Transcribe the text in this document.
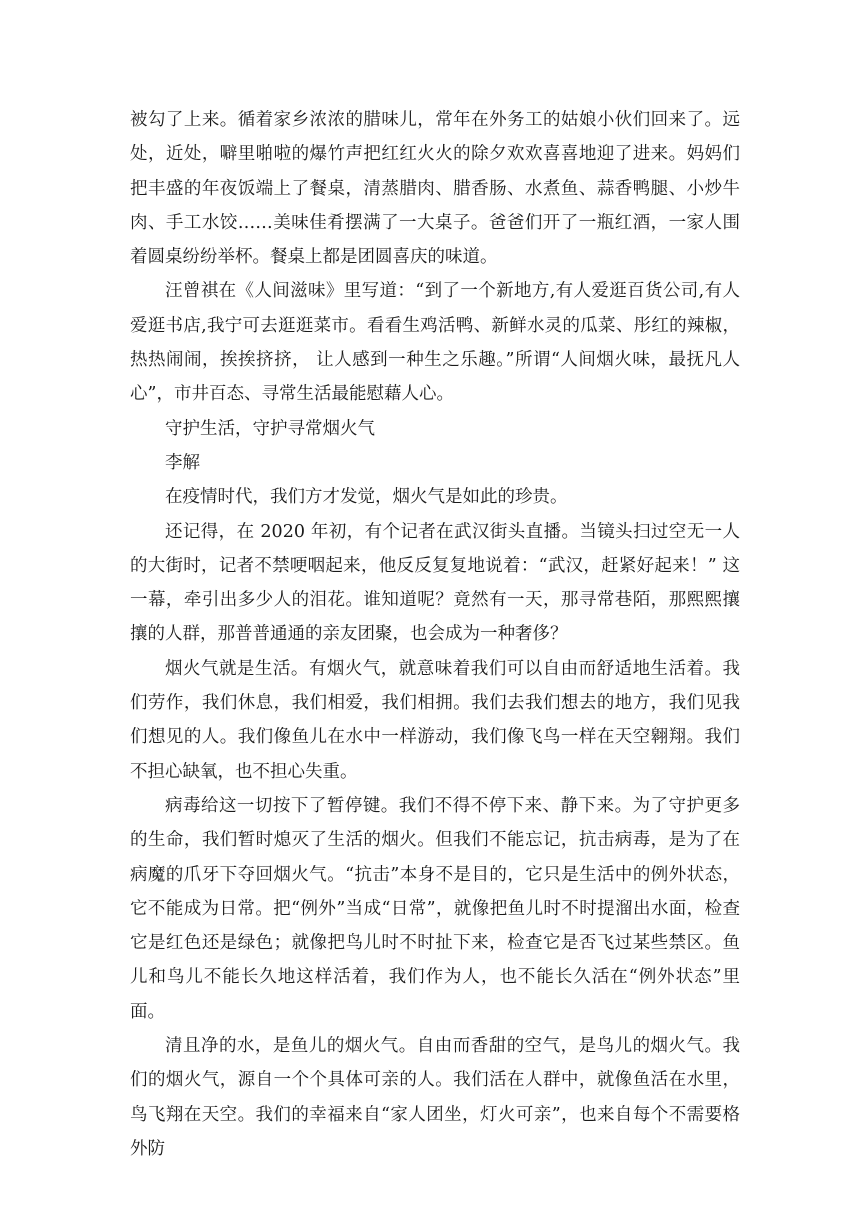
被勾了上来。循着家乡浓浓的腊味儿，常年在外务工的姑娘小伙们回来了。远处，近处，噼里啪啦的爆竹声把红红火火的除夕欢欢喜喜地迎了进来。妈妈们把丰盛的年夜饭端上了餐桌，清蒸腊肉、腊香肠、水煮鱼、蒜香鸭腿、小炒牛肉、手工水饺……美味佳肴摆满了一大桌子。爸爸们开了一瓶红酒，一家人围着圆桌纷纷举杯。餐桌上都是团圆喜庆的味道。

汪曾祺在《人间滋味》里写道：“到了一个新地方,有人爱逛百货公司,有人爱逛书店,我宁可去逛逛菜市。看看生鸡活鸭、新鲜水灵的瓜菜、彤红的辣椒，热热闹闹，挨挨挤挤， 让人感到一种生之乐趣。”所谓“人间烟火味，最抚凡人心”，市井百态、寻常生活最能慰藉人心。

守护生活，守护寻常烟火气

李解

在疫情时代，我们方才发觉，烟火气是如此的珍贵。

还记得，在 2020 年初，有个记者在武汉街头直播。当镜头扫过空无一人的大街时，记者不禁哽咽起来，他反反复复地说着：“武汉，赶紧好起来！” 这一幕，牵引出多少人的泪花。谁知道呢？竟然有一天，那寻常巷陌，那熙熙攘攘的人群，那普普通通的亲友团聚，也会成为一种奢侈？

烟火气就是生活。有烟火气，就意味着我们可以自由而舒适地生活着。我们劳作，我们休息，我们相爱，我们相拥。我们去我们想去的地方，我们见我们想见的人。我们像鱼儿在水中一样游动，我们像飞鸟一样在天空翱翔。我们不担心缺氧，也不担心失重。

病毒给这一切按下了暂停键。我们不得不停下来、静下来。为了守护更多的生命，我们暂时熄灭了生活的烟火。但我们不能忘记，抗击病毒，是为了在病魔的爪牙下夺回烟火气。“抗击”本身不是目的，它只是生活中的例外状态，它不能成为日常。把“例外”当成“日常”，就像把鱼儿时不时提溜出水面，检查它是红色还是绿色；就像把鸟儿时不时扯下来，检查它是否飞过某些禁区。鱼儿和鸟儿不能长久地这样活着，我们作为人，也不能长久活在“例外状态”里面。

清且净的水，是鱼儿的烟火气。自由而香甜的空气，是鸟儿的烟火气。我们的烟火气，源自一个个具体可亲的人。我们活在人群中，就像鱼活在水里，鸟飞翔在天空。我们的幸福来自“家人团坐，灯火可亲”，也来自每个不需要格外防
